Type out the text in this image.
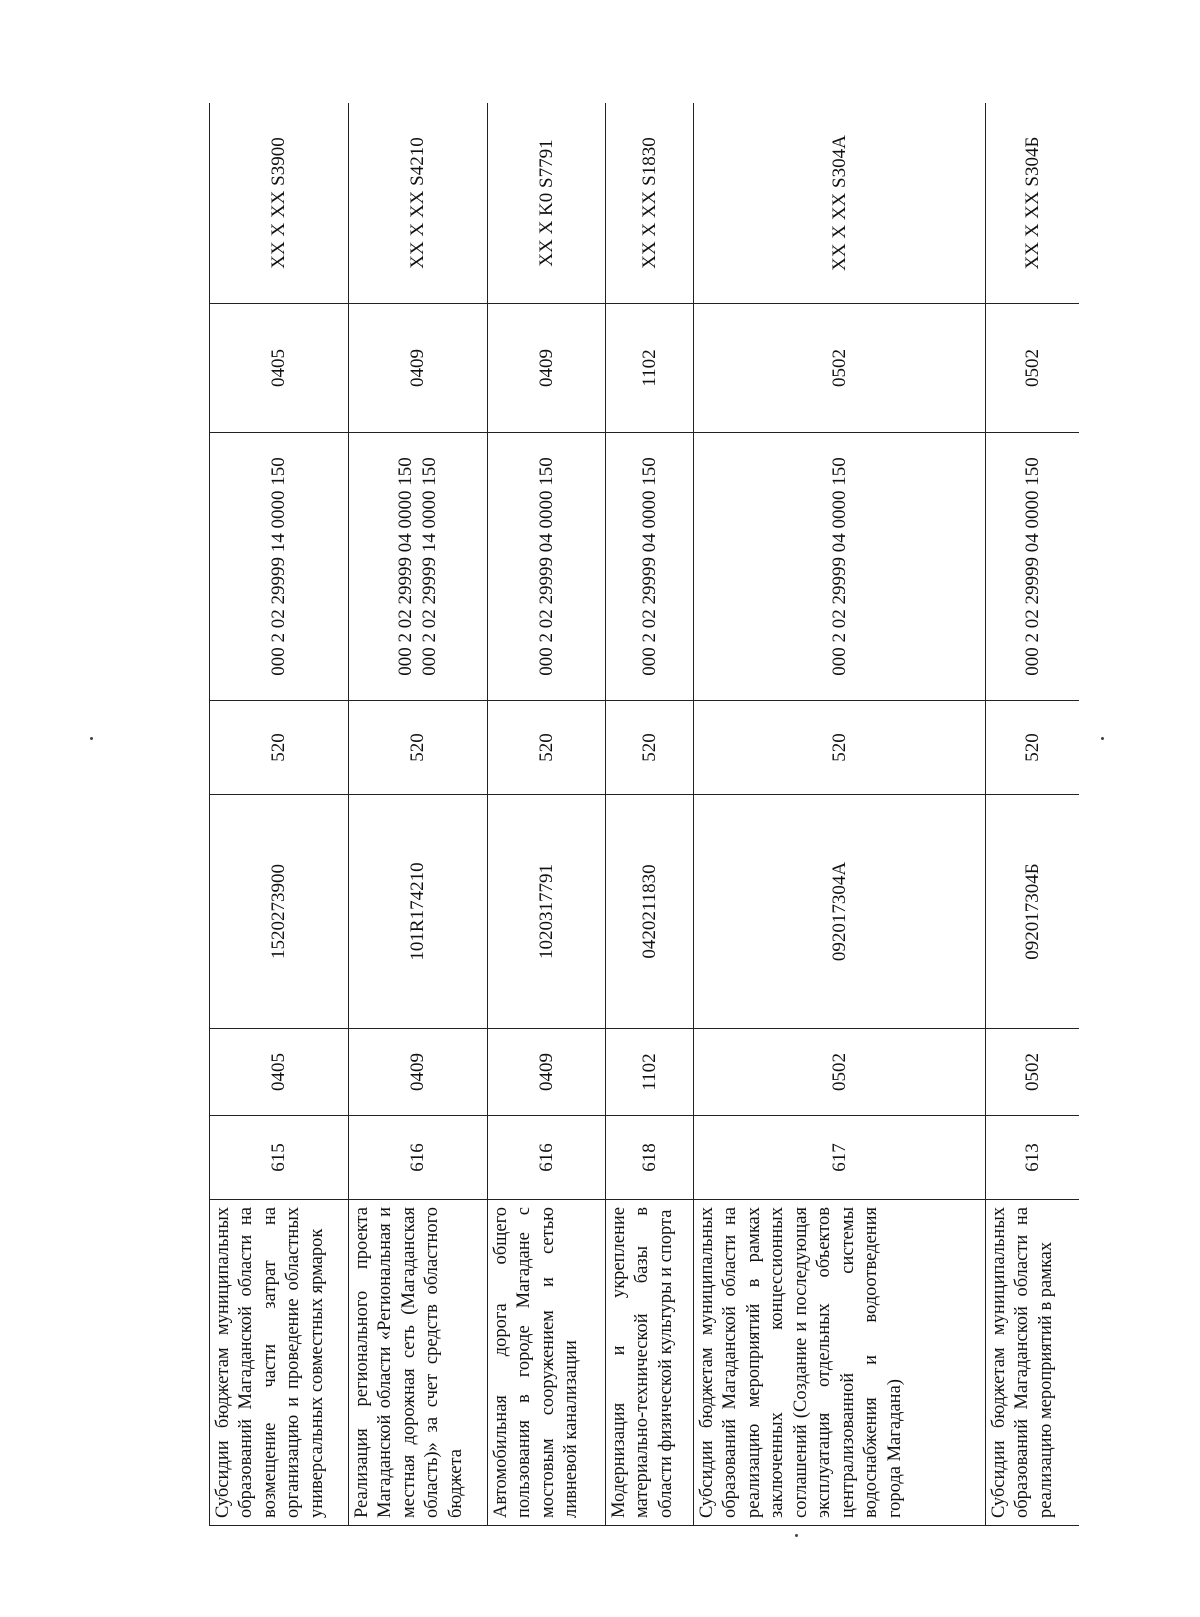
Субсидии бюджетам муниципальных образований Магаданской области на возмещение части затрат на организацию и проведение областных универсальных совместных ярмарок	615	0405	1520273900	520	000 2 02 29999 14 0000 150	0405	XX X XX S3900
Реализация регионального проекта Магаданской области «Региональная и местная дорожная сеть (Магаданская область)» за счет средств областного бюджета	616	0409	101R174210	520	000 2 02 29999 04 0000 150 000 2 02 29999 14 0000 150	0409	XX X XX S4210
Автомобильная дорога общего пользования в городе Магадане с мостовым сооружением и сетью ливневой канализации	616	0409	1020317791	520	000 2 02 29999 04 0000 150	0409	XX X K0 S7791
Модернизация и укрепление материально-технической базы в области физической культуры и спорта	618	1102	0420211830	520	000 2 02 29999 04 0000 150	1102	XX X XX S1830
Субсидии бюджетам муниципальных образований Магаданской области на реализацию мероприятий в рамках заключенных концессионных соглашений (Создание и последующая эксплуатация отдельных объектов централизованной системы водоснабжения и водоотведения города Магадана)	617	0502	092017304А	520	000 2 02 29999 04 0000 150	0502	XX X XX S304А
Субсидии бюджетам муниципальных образований Магаданской области на реализацию мероприятий в рамках	613	0502	092017304Б	520	000 2 02 29999 04 0000 150	0502	XX X XX S304Б
